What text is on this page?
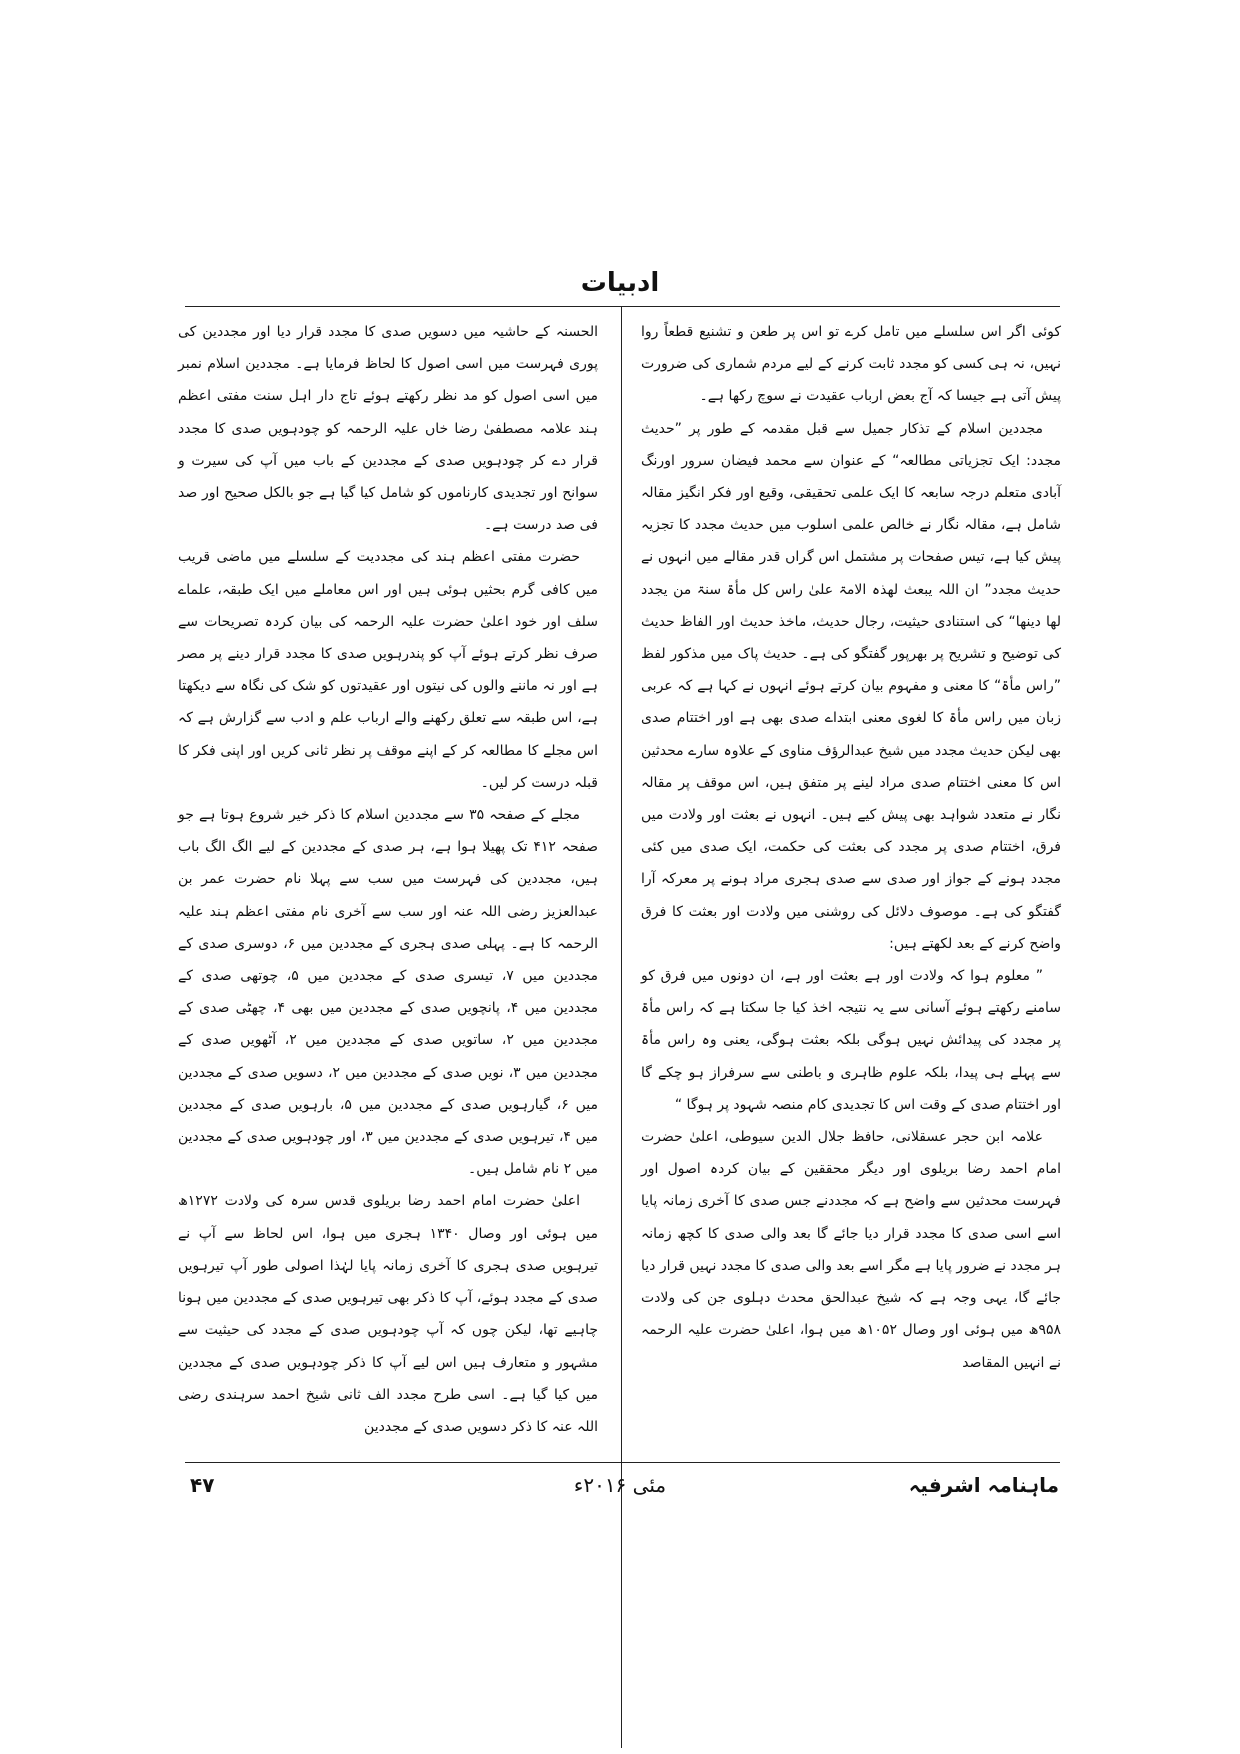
ادبیات

کوئی اگر اس سلسلے میں تامل کرے تو اس پر طعن و تشنیع قطعاً روا نہیں، نہ ہی کسی کو مجدد ثابت کرنے کے لیے مردم شماری کی ضرورت پیش آتی ہے جیسا کہ آج بعض ارباب عقیدت نے سوچ رکھا ہے۔

مجددین اسلام کے تذکار جمیل سے قبل مقدمہ کے طور پر ”حدیث مجدد: ایک تجزیاتی مطالعہ“ کے عنوان سے محمد فیضان سرور اورنگ آبادی متعلم درجہ سابعہ کا ایک علمی تحقیقی، وقیع اور فکر انگیز مقالہ شامل ہے، مقالہ نگار نے خالص علمی اسلوب میں حدیث مجدد کا تجزیہ پیش کیا ہے، تیس صفحات پر مشتمل اس گراں قدر مقالے میں انہوں نے حدیث مجدد” ان اللہ یبعث لھذہ الامۃ علیٰ راس کل مأۃ سنۃ من یجدد لھا دینھا“ کی استنادی حیثیت، رجال حدیث، ماخذ حدیث اور الفاظ حدیث کی توضیح و تشریح پر بھرپور گفتگو کی ہے۔ حدیث پاک میں مذکور لفظ ”راس مأۃ“ کا معنی و مفہوم بیان کرتے ہوئے انہوں نے کہا ہے کہ عربی زبان میں راس مأۃ کا لغوی معنی ابتداے صدی بھی ہے اور اختتام صدی بھی لیکن حدیث مجدد میں شیخ عبدالرؤف مناوی کے علاوہ سارے محدثین اس کا معنی اختتام صدی مراد لینے پر متفق ہیں، اس موقف پر مقالہ نگار نے متعدد شواہد بھی پیش کیے ہیں۔ انہوں نے بعثت اور ولادت میں فرق، اختتام صدی پر مجدد کی بعثت کی حکمت، ایک صدی میں کئی مجدد ہونے کے جواز اور صدی سے صدی ہجری مراد ہونے پر معرکہ آرا گفتگو کی ہے۔ موصوف دلائل کی روشنی میں ولادت اور بعثت کا فرق واضح کرنے کے بعد لکھتے ہیں:

” معلوم ہوا کہ ولادت اور ہے بعثت اور ہے، ان دونوں میں فرق کو سامنے رکھتے ہوئے آسانی سے یہ نتیجہ اخذ کیا جا سکتا ہے کہ راس مأۃ پر مجدد کی پیدائش نہیں ہوگی بلکہ بعثت ہوگی، یعنی وہ راس مأۃ سے پہلے ہی پیدا، بلکہ علوم ظاہری و باطنی سے سرفراز ہو چکے گا اور اختتام صدی کے وقت اس کا تجدیدی کام منصہ شہود پر ہوگا “

علامہ ابن حجر عسقلانی، حافظ جلال الدین سیوطی، اعلیٰ حضرت امام احمد رضا بریلوی اور دیگر محققین کے بیان کردہ اصول اور فہرست محدثین سے واضح ہے کہ مجددنے جس صدی کا آخری زمانہ پایا اسے اسی صدی کا مجدد قرار دیا جائے گا بعد والی صدی کا کچھ زمانہ ہر مجدد نے ضرور پایا ہے مگر اسے بعد والی صدی کا مجدد نہیں قرار دیا جائے گا، یہی وجہ ہے کہ شیخ عبدالحق محدث دہلوی جن کی ولادت ۹۵۸ھ میں ہوئی اور وصال ۱۰۵۲ھ میں ہوا، اعلیٰ حضرت علیہ الرحمہ نے انہیں المقاصد

الحسنہ کے حاشیہ میں دسویں صدی کا مجدد قرار دیا اور مجددین کی پوری فہرست میں اسی اصول کا لحاظ فرمایا ہے۔ مجددین اسلام نمبر میں اسی اصول کو مد نظر رکھتے ہوئے تاج دار اہل سنت مفتی اعظم ہند علامہ مصطفیٰ رضا خاں علیہ الرحمہ کو چودہویں صدی کا مجدد قرار دے کر چودہویں صدی کے مجددین کے باب میں آپ کی سیرت و سوانح اور تجدیدی کارناموں کو شامل کیا گیا ہے جو بالکل صحیح اور صد فی صد درست ہے۔

حضرت مفتی اعظم ہند کی مجددیت کے سلسلے میں ماضی قریب میں کافی گرم بحثیں ہوئی ہیں اور اس معاملے میں ایک طبقہ، علماے سلف اور خود اعلیٰ حضرت علیہ الرحمہ کی بیان کردہ تصریحات سے صرف نظر کرتے ہوئے آپ کو پندرہویں صدی کا مجدد قرار دینے پر مصر ہے اور نہ ماننے والوں کی نیتوں اور عقیدتوں کو شک کی نگاہ سے دیکھتا ہے، اس طبقہ سے تعلق رکھنے والے ارباب علم و ادب سے گزارش ہے کہ اس مجلے کا مطالعہ کر کے اپنے موقف پر نظر ثانی کریں اور اپنی فکر کا قبلہ درست کر لیں۔

مجلے کے صفحہ ۳۵ سے مجددین اسلام کا ذکر خیر شروع ہوتا ہے جو صفحہ ۴۱۲ تک پھیلا ہوا ہے، ہر صدی کے مجددین کے لیے الگ الگ باب ہیں، مجددین کی فہرست میں سب سے پہلا نام حضرت عمر بن عبدالعزیز رضی اللہ عنہ اور سب سے آخری نام مفتی اعظم ہند علیہ الرحمہ کا ہے۔ پہلی صدی ہجری کے مجددین میں ۶، دوسری صدی کے مجددین میں ۷، تیسری صدی کے مجددین میں ۵، چوتھی صدی کے مجددین میں ۴، پانچویں صدی کے مجددین میں بھی ۴، چھٹی صدی کے مجددین میں ۲، ساتویں صدی کے مجددین میں ۲، آٹھویں صدی کے مجددین میں ۳، نویں صدی کے مجددین میں ۲، دسویں صدی کے مجددین میں ۶، گیارہویں صدی کے مجددین میں ۵، بارہویں صدی کے مجددین میں ۴، تیرہویں صدی کے مجددین میں ۳، اور چودہویں صدی کے مجددین میں ۲ نام شامل ہیں۔

اعلیٰ حضرت امام احمد رضا بریلوی قدس سرہ کی ولادت ۱۲۷۲ھ میں ہوئی اور وصال ۱۳۴۰ ہجری میں ہوا، اس لحاظ سے آپ نے تیرہویں صدی ہجری کا آخری زمانہ پایا لہٰذا اصولی طور آپ تیرہویں صدی کے مجدد ہوئے، آپ کا ذکر بھی تیرہویں صدی کے مجددین میں ہونا چاہیے تھا، لیکن چوں کہ آپ چودہویں صدی کے مجدد کی حیثیت سے مشہور و متعارف ہیں اس لیے آپ کا ذکر چودہویں صدی کے مجددین میں کیا گیا ہے۔ اسی طرح مجدد الف ثانی شیخ احمد سرہندی رضی اللہ عنہ کا ذکر دسویں صدی کے مجددین

ماہنامہ اشرفیہ
مئی ۲۰۱۶ء
۴۷
